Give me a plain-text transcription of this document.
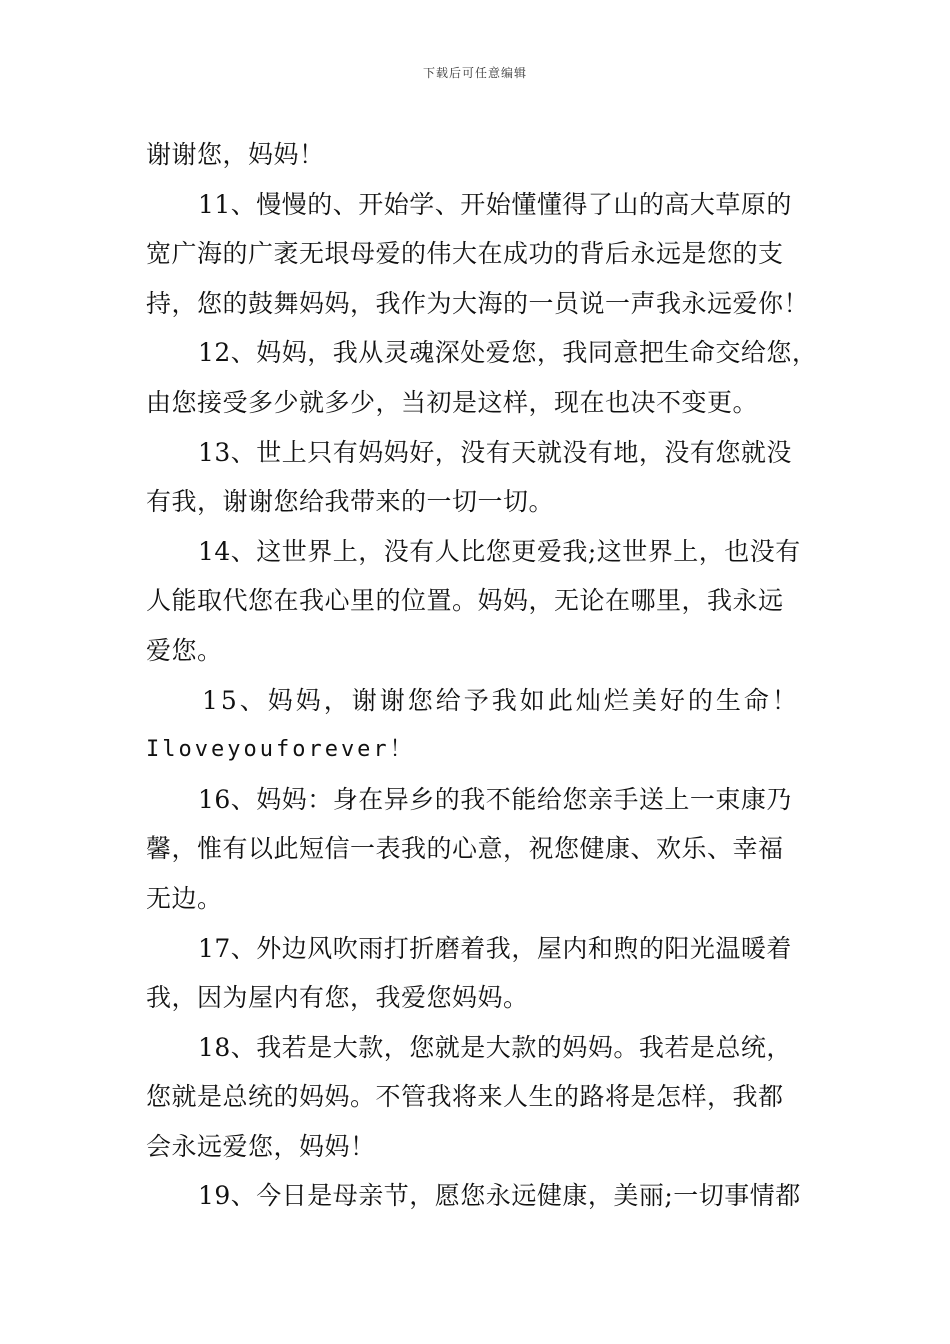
下载后可任意编辑

谢谢您，妈妈！

11、慢慢的、开始学、开始懂懂得了山的高大草原的

宽广海的广袤无垠母爱的伟大在成功的背后永远是您的支

持，您的鼓舞妈妈，我作为大海的一员说一声我永远爱你！

12、妈妈，我从灵魂深处爱您，我同意把生命交给您，

由您接受多少就多少，当初是这样，现在也决不变更。

13、世上只有妈妈好，没有天就没有地，没有您就没

有我，谢谢您给我带来的一切一切。

14、这世界上，没有人比您更爱我;这世界上，也没有

人能取代您在我心里的位置。妈妈，无论在哪里，我永远

爱您。

15、妈妈，谢谢您给予我如此灿烂美好的生命！

Iloveyouforever！

16、妈妈：身在异乡的我不能给您亲手送上一束康乃

馨，惟有以此短信一表我的心意，祝您健康、欢乐、幸福

无边。

17、外边风吹雨打折磨着我，屋内和煦的阳光温暖着

我，因为屋内有您，我爱您妈妈。

18、我若是大款，您就是大款的妈妈。我若是总统，

您就是总统的妈妈。不管我将来人生的路将是怎样，我都

会永远爱您，妈妈！

19、今日是母亲节，愿您永远健康，美丽;一切事情都
